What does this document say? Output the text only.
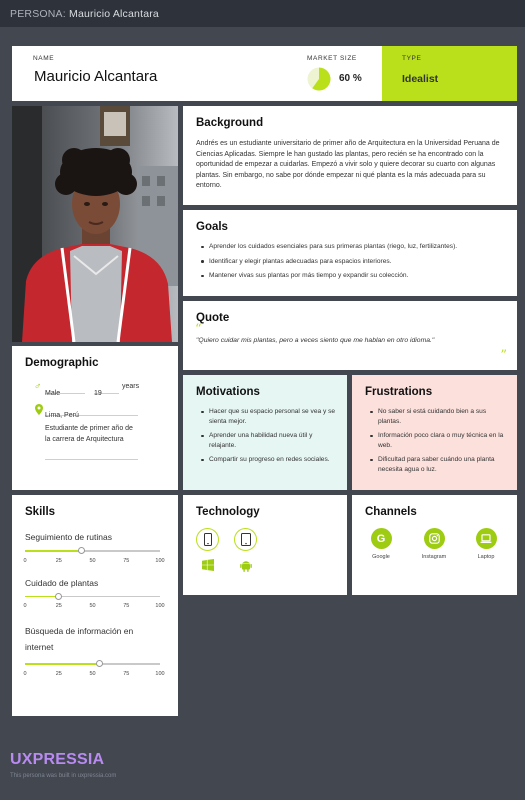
PERSONA: Mauricio Alcantara
NAME
Mauricio Alcantara
MARKET SIZE
60 %
TYPE
Idealist
Background
Andrés es un estudiante universitario de primer año de Arquitectura en la Universidad Peruana de Ciencias Aplicadas. Siempre le han gustado las plantas, pero recién se ha encontrado con la oportunidad de empezar a cuidarlas. Empezó a vivir solo y quiere decorar su cuarto con algunas plantas. Sin embargo, no sabe por dónde empezar ni qué planta es la más adecuada para su entorno.
Goals
Aprender los cuidados esenciales para sus primeras plantas (riego, luz, fertilizantes).
Identificar y elegir plantas adecuadas para espacios interiores.
Mantener vivas sus plantas por más tiempo y expandir su colección.
Quote
“
"Quiero cuidar mis plantas, pero a veces siento que me hablan en otro idioma."
”
Demographic
♂
Male	19
years
Lima, Perú
Estudiante de primer año de la carrera de Arquitectura
Motivations
Hacer que su espacio personal se vea y se sienta mejor.
Aprender una habilidad nueva útil y relajante.
Compartir su progreso en redes sociales.
Frustrations
No saber si está cuidando bien a sus plantas.
Información poco clara o muy técnica en la web.
Dificultad para saber cuándo una planta necesita agua o luz.
Skills
Seguimiento de rutinas
0	25	50	75	100
Cuidado de plantas
0	25	50	75	100
Búsqueda de información en internet
0	25	50	75	100
Technology	Channels
G
Google	Instagram	Laptop
UXPRESSIA
This persona was built in uxpressia.com
